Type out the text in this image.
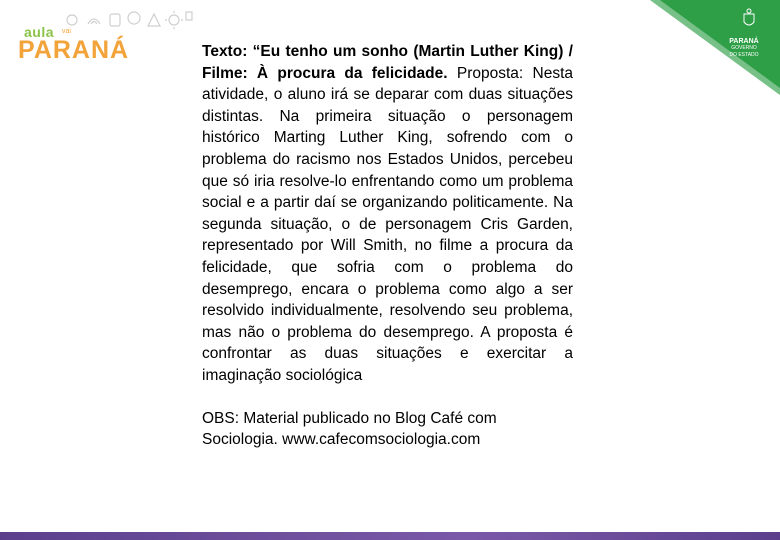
aula vai
PARANÁ	PARANÁ
GOVERNO
DO ESTADO

Texto: “Eu tenho um sonho (Martin Luther King) / Filme: À procura da felicidade. Proposta: Nesta atividade, o aluno irá se deparar com duas situações distintas. Na primeira situação o personagem histórico Marting Luther King, sofrendo com o problema do racismo nos Estados Unidos, percebeu que só iria resolve-lo enfrentando como um problema social e a partir daí se organizando politicamente. Na segunda situação, o de personagem Cris Garden, representado por Will Smith, no filme a procura da felicidade, que sofria com o problema do desemprego, encara o problema como algo a ser resolvido individualmente, resolvendo seu problema, mas não o problema do desemprego. A proposta é confrontar as duas situações e exercitar a imaginação sociológica

OBS: Material publicado no Blog Café com Sociologia. www.cafecomsociologia.com
